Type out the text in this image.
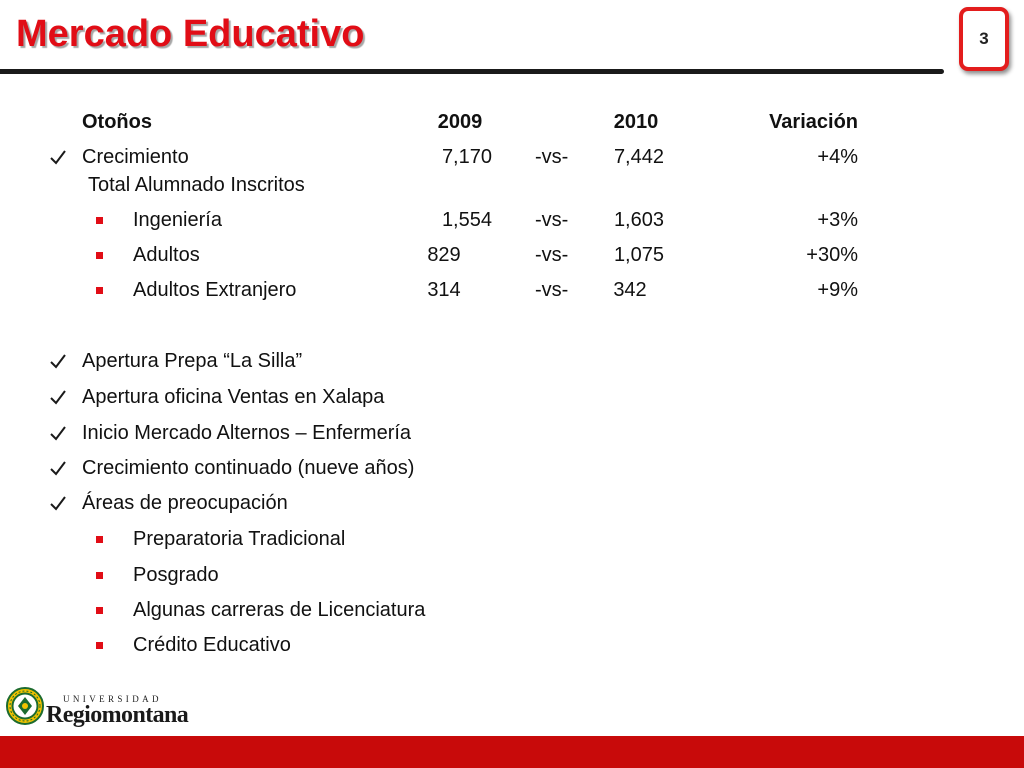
Mercado Educativo	3
Otoños	2009	2010	Variación
Crecimiento	7,170 -vs-	7,442	+4%
Total Alumnado Inscritos
Ingeniería	1,554 -vs-	1,603	+3%
Adultos	829	-vs-	1,075	+30%
Adultos Extranjero	314	-vs-	342	+9%
Apertura Prepa “La Silla”
Apertura oficina Ventas en Xalapa
Inicio Mercado Alternos – Enfermería
Crecimiento continuado (nueve años)
Áreas de preocupación
Preparatoria Tradicional
Posgrado
Algunas carreras de Licenciatura
Crédito Educativo
UNIVERSIDAD
Regiomontana
